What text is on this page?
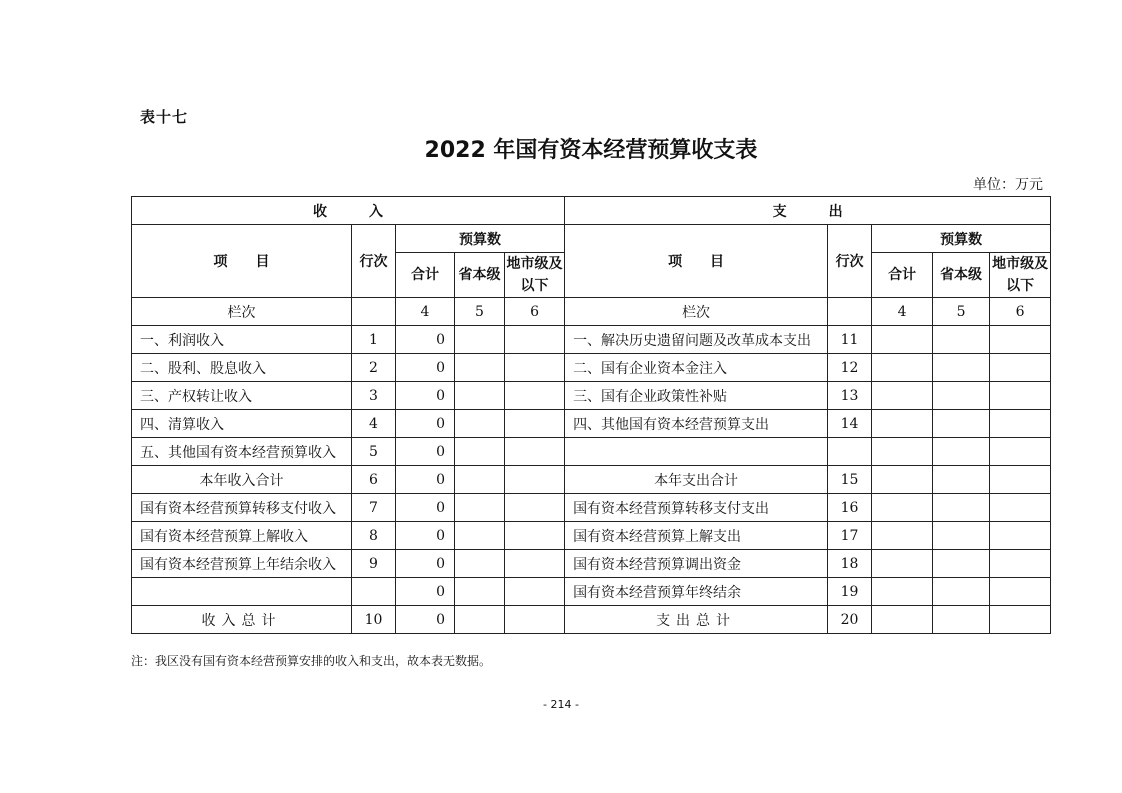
表十七
2022 年国有资本经营预算收支表
单位：万元
收　　　入					支　　　出				
项　　目	行次	预算数			项　　目	行次	预算数		
		合计	省本级	地市级及以下			合计	省本级	地市级及以下
栏次		4	5	6	栏次		4	5	6
一、利润收入	1	0			一、解决历史遗留问题及改革成本支出	11			
二、股利、股息收入	2	0			二、国有企业资本金注入	12			
三、产权转让收入	3	0			三、国有企业政策性补贴	13			
四、清算收入	4	0			四、其他国有资本经营预算支出	14			
五、其他国有资本经营预算收入	5	0							
本年收入合计	6	0			本年支出合计	15			
国有资本经营预算转移支付收入	7	0			国有资本经营预算转移支付支出	16			
国有资本经营预算上解收入	8	0			国有资本经营预算上解支出	17			
国有资本经营预算上年结余收入	9	0			国有资本经营预算调出资金	18			
		0			国有资本经营预算年终结余	19			
收入总计	10	0			支出总计	20			
注：我区没有国有资本经营预算安排的收入和支出，故本表无数据。
- 214 -
